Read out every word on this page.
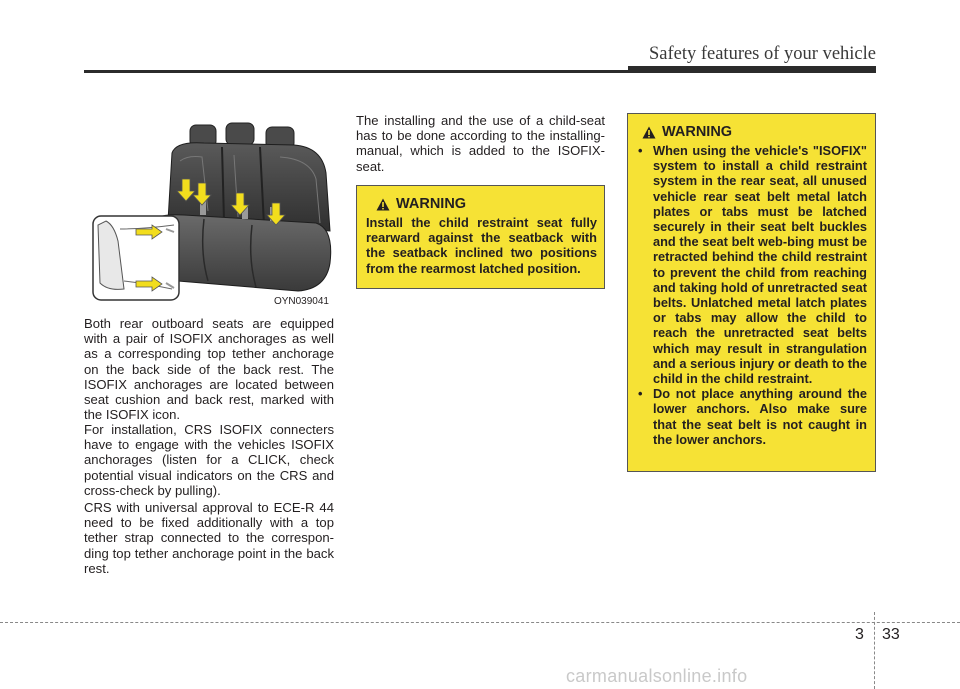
Safety features of your vehicle
OYN039041

Both rear outboard seats are equipped with a pair of ISOFIX anchorages as well as a corresponding top tether anchorage on the back side of the back rest. The ISOFIX anchorages are located between seat cushion and back rest, marked with the ISOFIX icon.

For installation, CRS ISOFIX connecters have to engage with the vehicles ISOFIX anchorages (listen for a CLICK, check potential visual indicators on the CRS and cross-check by pulling).

CRS with universal approval to ECE-R 44 need to be fixed additionally with a top tether strap connected to the correspon-ding top tether anchorage point in the back rest.

The installing and the use of a child-seat has to be done according to the installing-manual, which is added to the ISOFIX-seat.

WARNING

Install the child restraint seat fully rearward against the seatback with the seatback inclined two positions from the rearmost latched position.

WARNING
• When using the vehicle's "ISOFIX" system to install a child restraint system in the rear seat, all unused vehicle rear seat belt metal latch plates or tabs must be latched securely in their seat belt buckles and the seat belt web-bing must be retracted behind the child restraint to prevent the child from reaching and taking hold of unretracted seat belts. Unlatched metal latch plates or tabs may allow the child to reach the unretracted seat belts which may result in strangulation and a serious injury or death to the child in the child restraint.
• Do not place anything around the lower anchors. Also make sure that the seat belt is not caught in the lower anchors.
3 33
carmanualsonline.info
